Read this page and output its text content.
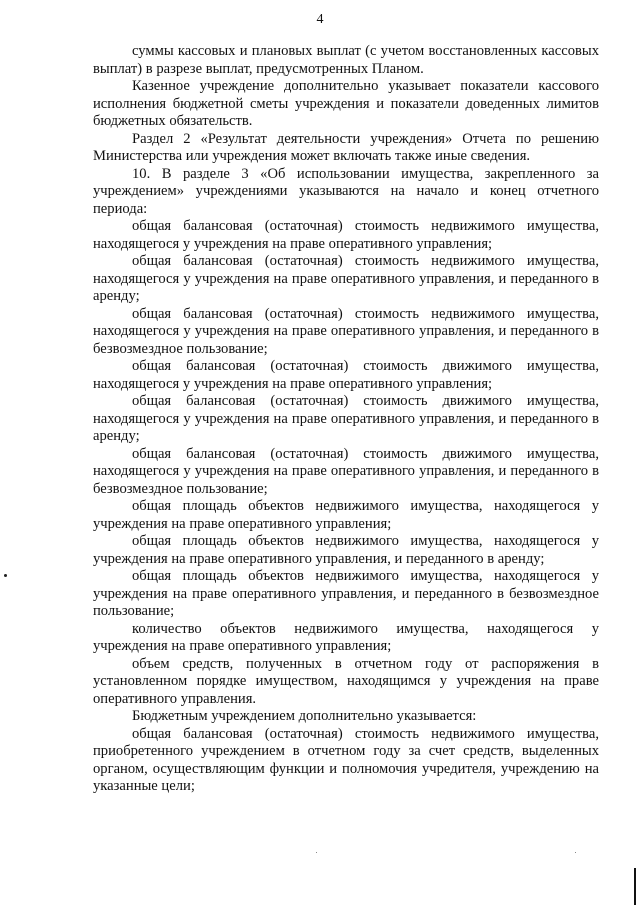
4

суммы кассовых и плановых выплат (с учетом восстановленных кассовых выплат) в разрезе выплат, предусмотренных Планом.

Казенное учреждение дополнительно указывает показатели кассового исполнения бюджетной сметы учреждения и показатели доведенных лимитов бюджетных обязательств.

Раздел 2 «Результат деятельности учреждения» Отчета по решению Министерства или учреждения может включать также иные сведения.

10. В разделе 3 «Об использовании имущества, закрепленного за учреждением» учреждениями указываются на начало и конец отчетного периода:

общая балансовая (остаточная) стоимость недвижимого имущества, находящегося у учреждения на праве оперативного управления;

общая балансовая (остаточная) стоимость недвижимого имущества, находящегося у учреждения на праве оперативного управления, и переданного в аренду;

общая балансовая (остаточная) стоимость недвижимого имущества, находящегося у учреждения на праве оперативного управления, и переданного в безвозмездное пользование;

общая балансовая (остаточная) стоимость движимого имущества, находящегося у учреждения на праве оперативного управления;

общая балансовая (остаточная) стоимость движимого имущества, находящегося у учреждения на праве оперативного управления, и переданного в аренду;

общая балансовая (остаточная) стоимость движимого имущества, находящегося у учреждения на праве оперативного управления, и переданного в безвозмездное пользование;

общая площадь объектов недвижимого имущества, находящегося у учреждения на праве оперативного управления;

общая площадь объектов недвижимого имущества, находящегося у учреждения на праве оперативного управления, и переданного в аренду;

общая площадь объектов недвижимого имущества, находящегося у учреждения на праве оперативного управления, и переданного в безвозмездное пользование;

количество объектов недвижимого имущества, находящегося у учреждения на праве оперативного управления;

объем средств, полученных в отчетном году от распоряжения в установленном порядке имуществом, находящимся у учреждения на праве оперативного управления.

Бюджетным учреждением дополнительно указывается:

общая балансовая (остаточная) стоимость недвижимого имущества, приобретенного учреждением в отчетном году за счет средств, выделенных органом, осуществляющим функции и полномочия учредителя, учреждению на указанные цели;
